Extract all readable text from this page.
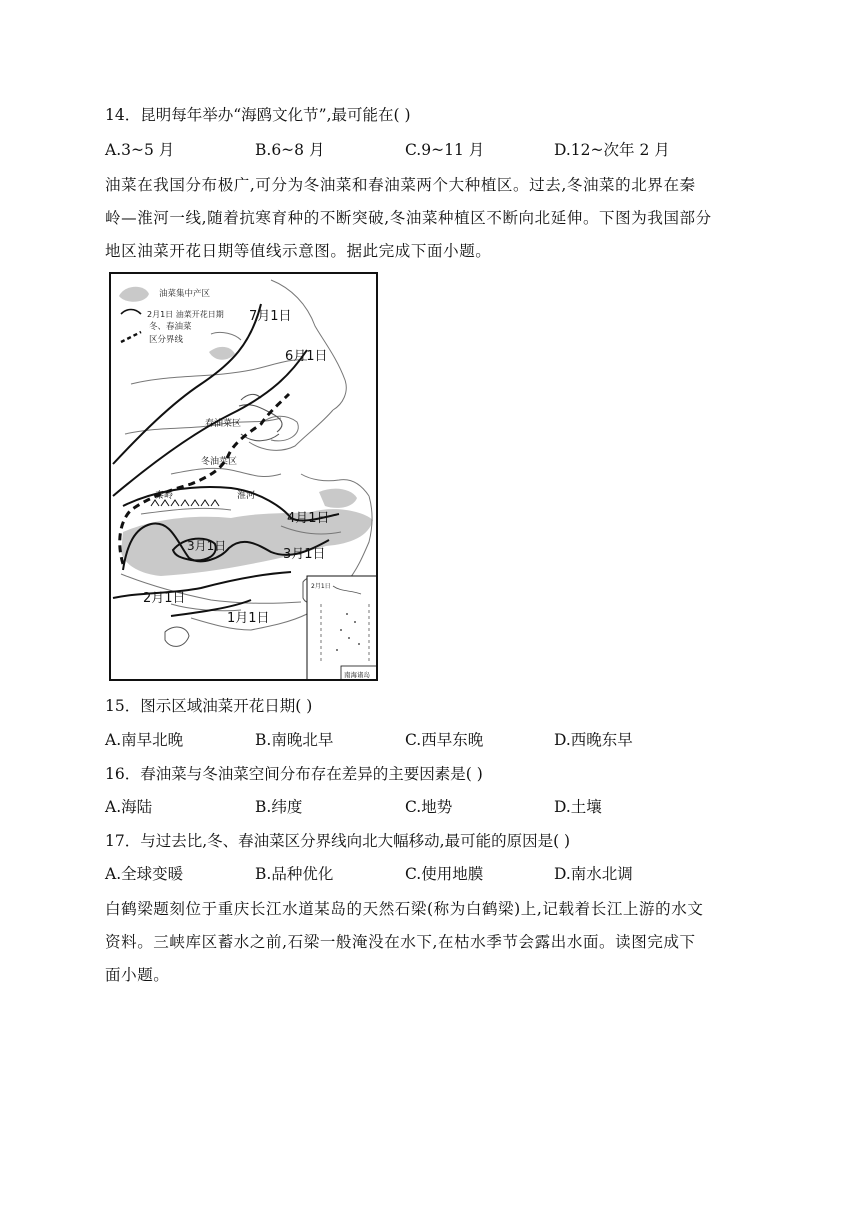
14．昆明每年举办“海鸥文化节”,最可能在( )
A.3~5 月	B.6~8 月	C.9~11 月	D.12~次年 2 月
油菜在我国分布极广,可分为冬油菜和春油菜两个大种植区。过去,冬油菜的北界在秦
岭—淮河一线,随着抗寒育种的不断突破,冬油菜种植区不断向北延伸。下图为我国部分
地区油菜开花日期等值线示意图。据此完成下面小题。
油菜集中产区
2月1日 油菜开花日期
冬、春油菜
区分界线
7月1日
6月1日
春油菜区
冬油菜区
秦岭	淮河
4月1日
3月1日
3月1日
2月1日
1月1日
2月1日
南海诸岛
15．图示区域油菜开花日期( )
A.南早北晚	B.南晚北早	C.西早东晚	D.西晚东早
16．春油菜与冬油菜空间分布存在差异的主要因素是( )
A.海陆	B.纬度	C.地势	D.土壤
17．与过去比,冬、春油菜区分界线向北大幅移动,最可能的原因是( )
A.全球变暖	B.品种优化	C.使用地膜	D.南水北调
白鹤梁题刻位于重庆长江水道某岛的天然石梁(称为白鹤梁)上,记载着长江上游的水文
资料。三峡库区蓄水之前,石梁一般淹没在水下,在枯水季节会露出水面。读图完成下
面小题。
